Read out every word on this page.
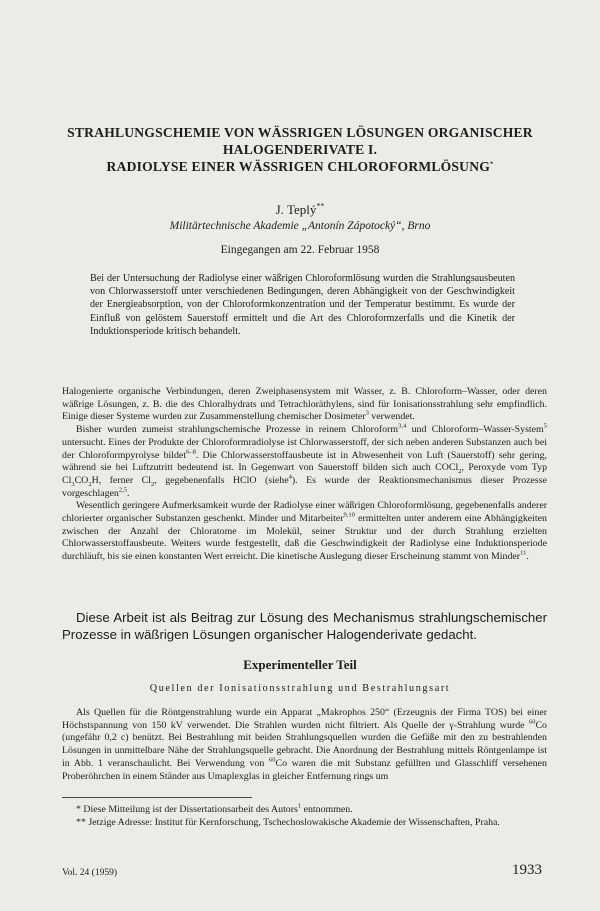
STRAHLUNGSCHEMIE VON WÄSSRIGEN LÖSUNGEN ORGANISCHER
HALOGENDERIVATE I.
RADIOLYSE EINER WÄSSRIGEN CHLOROFORMLÖSUNG*
J. Teplý**
Militärtechnische Akademie „Antonín Zápotocký“, Brno
Eingegangen am 22. Februar 1958
Bei der Untersuchung der Radiolyse einer wäßrigen Chloroformlösung wurden die Strahlungsausbeuten von Chlorwasserstoff unter verschiedenen Bedingungen, deren Abhängigkeit von der Geschwindigkeit der Energieabsorption, von der Chloroformkonzentration und der Temperatur bestimmt. Es wurde der Einfluß von gelöstem Sauerstoff ermittelt und die Art des Chloroformzerfalls und die Kinetik der Induktionsperiode kritisch behandelt.

Halogenierte organische Verbindungen, deren Zweiphasensystem mit Wasser, z. B. Chloroform–Wasser, oder deren wäßrige Lösungen, z. B. die des Chloralhydrats und Tetrachloräthylens, sind für Ionisationsstrahlung sehr empfindlich. Einige dieser Systeme wurden zur Zusammenstellung chemischer Dosimeter$^3$ verwendet.

Bisher wurden zumeist strahlungschemische Prozesse in reinem Chloroform$^{3,4}$ und Chloroform–Wasser-System$^5$ untersucht. Eines der Produkte der Chloroformradiolyse ist Chlorwasserstoff, der sich neben anderen Substanzen auch bei der Chloroformpyrolyse bildet$^{6-8}$. Die Chlorwasserstoffausbeute ist in Abwesenheit von Luft (Sauerstoff) sehr gering, während sie bei Luftzutritt bedeutend ist. In Gegenwart von Sauerstoff bilden sich auch COCl$_2$, Peroxyde vom Typ $Cl_3CO_2H$, ferner $Cl_2$, gegebenenfalls HClO (siehe$^4$). Es wurde der Reaktionsmechanismus dieser Prozesse vorgeschlagen$^{2,5}$.

Wesentlich geringere Aufmerksamkeit wurde der Radiolyse einer wäßrigen Chloroformlösung, gegebenenfalls anderer chlorierter organischer Substanzen geschenkt. Minder und Mitarbeiter$^{9,10}$ ermittelten unter anderem eine Abhängigkeiten zwischen der Anzahl der Chloratome im Molekül, seiner Struktur und der durch Strahlung erzielten Chlorwasserstoffausbeute. Weiters wurde festgestellt, daß die Geschwindigkeit der Radiolyse eine Induktionsperiode durchläuft, bis sie einen konstanten Wert erreicht. Die kinetische Auslegung dieser Erscheinung stammt von Minder$^{11}$.

Diese Arbeit ist als Beitrag zur Lösung des Mechanismus strahlungschemischer Prozesse in wäßrigen Lösungen organischer Halogenderivate gedacht.
Experimenteller Teil
Quellen der Ionisationsstrahlung und Bestrahlungsart
Als Quellen für die Röntgenstrahlung wurde ein Apparat „Makrophos 250“ (Erzeugnis der Firma TOS) bei einer Höchstspannung von 150 kV verwendet. Die Strahlen wurden nicht filtriert. Als Quelle der γ-Strahlung wurde $^{60}$Co (ungefähr 0,2 c) benützt. Bei Bestrahlung mit beiden Strahlungsquellen wurden die Gefäße mit den zu bestrahlenden Lösungen in unmittelbare Nähe der Strahlungsquelle gebracht. Die Anordnung der Bestrahlung mittels Röntgenlampe ist in Abb. 1 veranschaulicht. Bei Verwendung von $^{60}$Co waren die mit Substanz gefüllten und Glasschliff versehenen Proberöhrchen in einem Ständer aus Umaplexglas in gleicher Entfernung rings um

* Diese Mitteilung ist der Dissertationsarbeit des Autors$^1$ entnommen.

** Jetzige Adresse: Institut für Kernforschung, Tschechoslowakische Akademie der Wissenschaften, Praha.

Vol. 24 (1959)	1933
